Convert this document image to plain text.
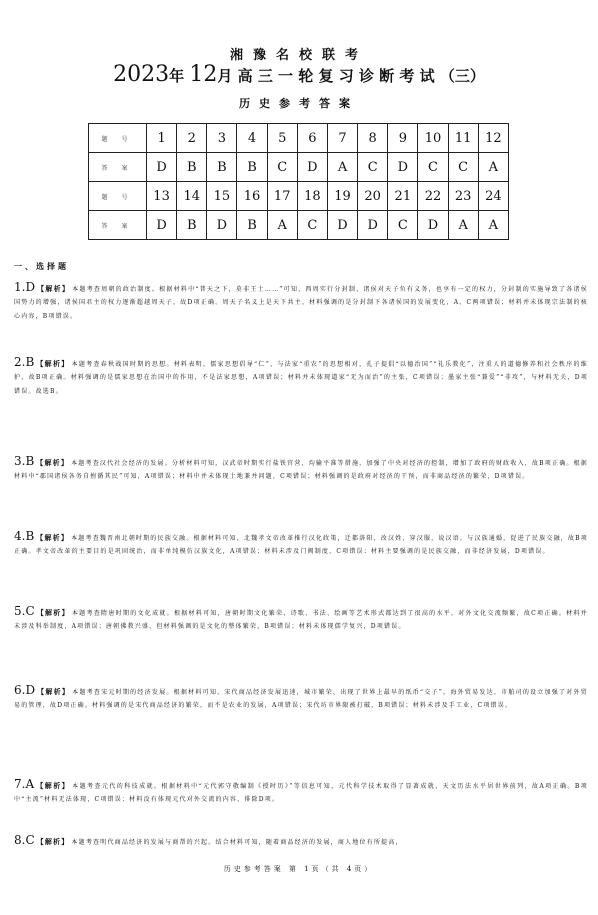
湘豫名校联考
2023年 12月 高 三 一 轮 复 习 诊 断 考 试 （三）
历史参考答案
题 号	1	2	3	4	5	6	7	8	9	10	11	12
答 案	D	B	B	B	C	D	A	C	D	C	C	A
题 号	13	14	15	16	17	18	19	20	21	22	23	24
答 案	D	B	D	B	A	C	D	D	C	D	A	A
一、选择题
1.D 【解析】 本题考查周朝的政治制度。根据材料中“普天之下，莫非王土……”可知，西周实行分封制，诸侯对天子负有义务，也享有一定的权力，分封制的实施导致了各诸侯国势力的增强，诸侯国君主的权力逐渐超越周天子，故D项正确。周天子名义上是天下共主，材料强调的是分封制下各诸侯国的发展变化，A、C两项错误；材料并未体现宗法制的核心内容，B项错误。
2.B 【解析】 本题考查春秋战国时期的思想。材料表明，儒家思想倡导“仁”，与法家“重农”的思想相对，孔子提倡“以德治国”“礼乐教化”，注重人的道德修养和社会秩序的维护，故B项正确。材料强调的是儒家思想在治国中的作用，不是法家思想，A项错误；材料并未体现道家“无为而治”的主张，C项错误；墨家主张“兼爱”“非攻”，与材料无关，D项错误。故选B。
3.B 【解析】 本题考查汉代社会经济的发展。分析材料可知，汉武帝时期实行盐铁官营、均输平准等措施，加强了中央对经济的控制，增加了政府的财政收入，故B项正确。根据材料中“郡国诸侯各务自拊循其民”可知，A项错误；材料中并未体现土地兼并问题，C项错误；材料强调的是政府对经济的干预，而非商品经济的繁荣，D项错误。
4.B 【解析】 本题考查魏晋南北朝时期的民族交融。根据材料可知，北魏孝文帝改革推行汉化政策，迁都洛阳，改汉姓，穿汉服，说汉语，与汉族通婚，促进了民族交融，故B项正确。孝文帝改革的主要目的是巩固统治，而非单纯模仿汉族文化，A项错误；材料未涉及门阀制度，C项错误；材料主要强调的是民族交融，而非经济发展，D项错误。
5.C 【解析】 本题考查隋唐时期的文化成就。根据材料可知，唐朝时期文化繁荣，诗歌、书法、绘画等艺术形式都达到了很高的水平，对外文化交流频繁，故C项正确。材料并未涉及科举制度，A项错误；唐朝佛教兴盛，但材料强调的是文化的整体繁荣，B项错误；材料未体现儒学复兴，D项错误。
6.D 【解析】 本题考查宋元时期的经济发展。根据材料可知，宋代商品经济发展迅速，城市繁荣，出现了世界上最早的纸币“交子”，海外贸易发达，市舶司的设立加强了对外贸易的管理，故D项正确。材料强调的是宋代商品经济的繁荣，而不是农业的发展，A项错误；宋代坊市界限被打破，B项错误；材料未涉及手工业，C项错误。
7.A 【解析】 本题考查元代的科技成就。根据材料中“元代郭守敬编制《授时历》”等信息可知，元代科学技术取得了显著成就，天文历法水平居世界前列，故A项正确。B项中“主流”材料无法体现，C项错误；材料没有体现元代对外交流的内容，排除D项。
8.C 【解析】 本题考查明代商品经济的发展与商帮的兴起。结合材料可知，随着商品经济的发展，商人地位有所提高，
历史参考答案 第 1页（共 4页）
